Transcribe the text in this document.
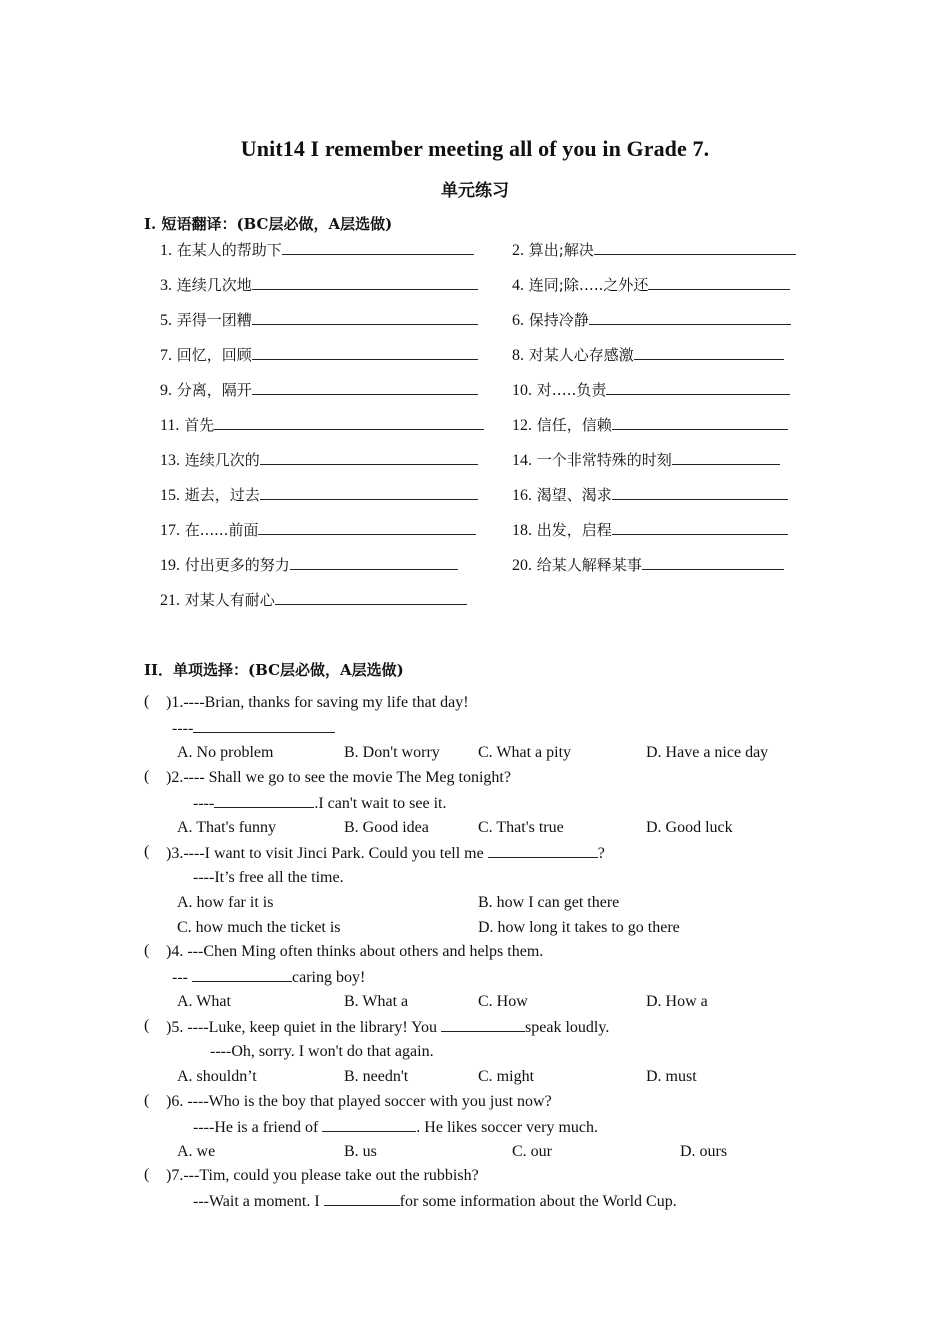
Unit14 I remember meeting all of you in Grade 7.
单元练习
I. 短语翻译：(BC层必做，A层选做)
1. 在某人的帮助下	2. 算出;解决
3. 连续几次地	4. 连同;除…..之外还
5. 弄得一团糟	6. 保持冷静
7. 回忆，回顾	8. 对某人心存感激
9. 分离，隔开	10. 对…..负责
11. 首先	12. 信任，信赖
13. 连续几次的	14. 一个非常特殊的时刻
15. 逝去，过去	16. 渴望、渴求
17. 在......前面	18. 出发，启程
19. 付出更多的努力	20. 给某人解释某事
21. 对某人有耐心
II．单项选择：(BC层必做，A层选做)
( )1.----Brian, thanks for saving my life that day!
----
A. No problem	B. Don't worry C. What a pity	D. Have a nice day
( )2.---- Shall we go to see the movie The Meg tonight?
----	.I can't wait to see it.
A. That's funny	B. Good idea	C. That's true	D. Good luck
( )3.----I want to visit Jinci Park. Could you tell me	?
----It’s free all the time.
A. how far it is	B. how I can get there
C. how much the ticket is	D. how long it takes to go there
( )4. ---Chen Ming often thinks about others and helps them.
---	caring boy!
A. What	B. What a	C. How	D. How a
( )5. ----Luke, keep quiet in the library! You	speak loudly.
----Oh, sorry. I won't do that again.
A. shouldn’t	B. needn't	C. might	D. must
( )6. ----Who is the boy that played soccer with you just now?
----He is a friend of	. He likes soccer very much.
A. we	B. us	C. our	D. ours
( )7.---Tim, could you please take out the rubbish?
---Wait a moment. I	for some information about the World Cup.
